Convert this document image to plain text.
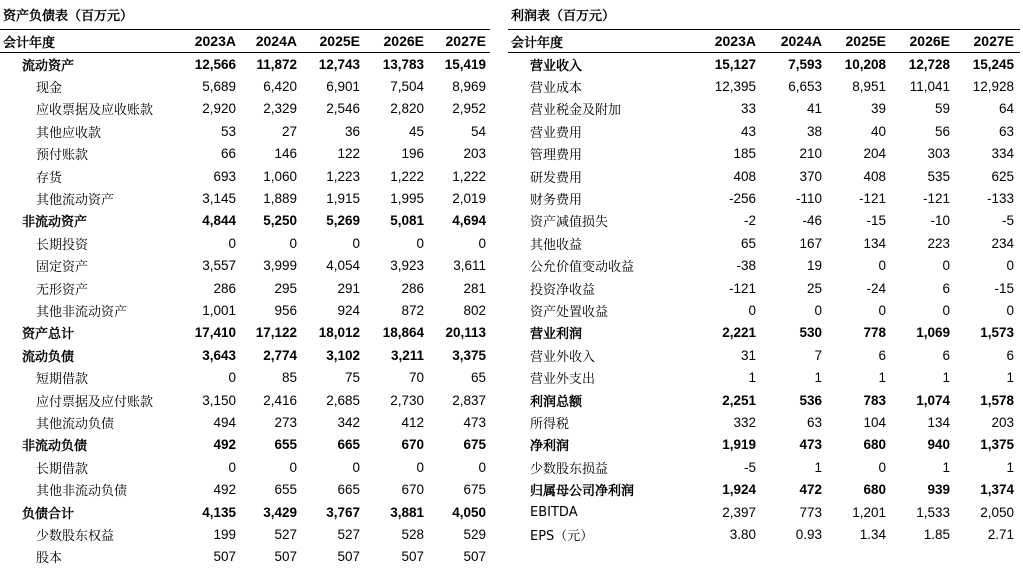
资产负债表（百万元）
会计年度	2023A	2024A	2025E	2026E	2027E
流动资产	12,566	11,872	12,743	13,783	15,419
现金	5,689	6,420	6,901	7,504	8,969
应收票据及应收账款	2,920	2,329	2,546	2,820	2,952
其他应收款	53	27	36	45	54
预付账款	66	146	122	196	203
存货	693	1,060	1,223	1,222	1,222
其他流动资产	3,145	1,889	1,915	1,995	2,019
非流动资产	4,844	5,250	5,269	5,081	4,694
长期投资	0	0	0	0	0
固定资产	3,557	3,999	4,054	3,923	3,611
无形资产	286	295	291	286	281
其他非流动资产	1,001	956	924	872	802
资产总计	17,410	17,122	18,012	18,864	20,113
流动负债	3,643	2,774	3,102	3,211	3,375
短期借款	0	85	75	70	65
应付票据及应付账款	3,150	2,416	2,685	2,730	2,837
其他流动负债	494	273	342	412	473
非流动负债	492	655	665	670	675
长期借款	0	0	0	0	0
其他非流动负债	492	655	665	670	675
负债合计	4,135	3,429	3,767	3,881	4,050
少数股东权益	199	527	527	528	529
股本	507	507	507	507	507
利润表（百万元）
会计年度	2023A	2024A	2025E	2026E	2027E
营业收入	15,127	7,593	10,208	12,728	15,245
营业成本	12,395	6,653	8,951	11,041	12,928
营业税金及附加	33	41	39	59	64
营业费用	43	38	40	56	63
管理费用	185	210	204	303	334
研发费用	408	370	408	535	625
财务费用	-256	-110	-121	-121	-133
资产减值损失	-2	-46	-15	-10	-5
其他收益	65	167	134	223	234
公允价值变动收益	-38	19	0	0	0
投资净收益	-121	25	-24	6	-15
资产处置收益	0	0	0	0	0
营业利润	2,221	530	778	1,069	1,573
营业外收入	31	7	6	6	6
营业外支出	1	1	1	1	1
利润总额	2,251	536	783	1,074	1,578
所得税	332	63	104	134	203
净利润	1,919	473	680	940	1,375
少数股东损益	-5	1	0	1	1
归属母公司净利润	1,924	472	680	939	1,374
EBITDA	2,397	773	1,201	1,533	2,050
EPS（元）	3.80	0.93	1.34	1.85	2.71
